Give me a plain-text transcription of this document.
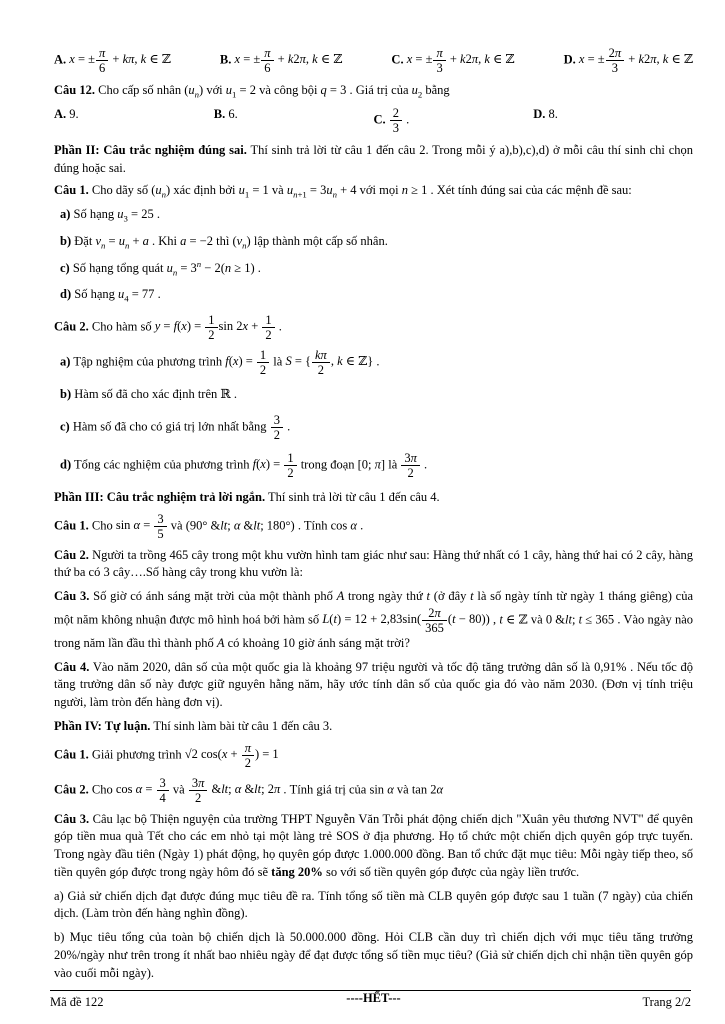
A. x = ± $\frac{\pi}{6} + k\pi$, k ∈ ℤ	B. x = ± $\frac{\pi}{6} + k2\pi$, k ∈ ℤ	C. x = ± $\frac{\pi}{3} + k2\pi$, k ∈ ℤ	D. x = ± $\frac{2\pi}{3} + k2\pi$, k ∈ ℤ

Câu 12. Cho cấp số nhân $(u_n)$ với $u_1 = 2$ và công bội q = 3 . Giá trị của $u_2$ bằng

A. 9.	B. 6.	C. $\frac{2}{3}$ .	D. 8.

Phần II: Câu trắc nghiệm đúng sai. Thí sinh trả lời từ câu 1 đến câu 2. Trong mỗi ý a),b),c),d) ở mỗi câu thí sinh chỉ chọn đúng hoặc sai.

Câu 1. Cho dãy số $(u_n)$ xác định bởi $u_1 = 1$ và $u_{n+1} = 3u_n + 4$ với mọi n ≥ 1 . Xét tính đúng sai của các mệnh đề sau:

a) Số hạng $u_3 = 25$ .

b) Đặt $v_n = u_n + a$ . Khi a = −2 thì $(v_n)$ lập thành một cấp số nhân.

c) Số hạng tổng quát $u_n = 3^n - 2(n \ge 1)$ .

d) Số hạng $u_4 = 77$ .

Câu 2. Cho hàm số $y = f(x) = \frac{1}{2}$ $\sin 2x + \frac{1}{2}$ .

a) Tập nghiệm của phương trình $f(x) = \frac{1}{2}$ là S = { $\frac{k\pi}{2}$ , k ∈ ℤ} .

b) Hàm số đã cho xác định trên ℝ .

c) Hàm số đã cho có giá trị lớn nhất bằng $\frac{3}{2}$ .

d) Tổng các nghiệm của phương trình $f(x) = \frac{1}{2}$ trong đoạn [0; π] là $\frac{3\pi}{2}$ .

Phần III: Câu trắc nghiệm trả lời ngắn. Thí sinh trả lời từ câu 1 đến câu 4.

Câu 1. Cho $\sin \alpha = \frac{3}{5}$ và (90° &lt; α &lt; 180°) . Tính cos α .

Câu 2. Người ta trồng 465 cây trong một khu vườn hình tam giác như sau: Hàng thứ nhất có 1 cây, hàng thứ hai có 2 cây, hàng thứ ba có 3 cây….Số hàng cây trong khu vườn là:

Câu 3. Số giờ có ánh sáng mặt trời của một thành phố A trong ngày thứ t (ở đây t là số ngày tính từ ngày 1 tháng giêng) của một năm không nhuận được mô hình hoá bởi hàm số $L(t) = 12 + 2,83\sin( \frac{2\pi}{365} (t - 80))$ , t ∈ ℤ và 0 &lt; t ≤ 365 . Vào ngày nào trong năm lần đầu thì thành phố A có khoảng 10 giờ ánh sáng mặt trời?

Câu 4. Vào năm 2020, dân số của một quốc gia là khoảng 97 triệu người và tốc độ tăng trưởng dân số là 0,91% . Nếu tốc độ tăng trưởng dân số này được giữ nguyên hằng năm, hãy ước tính dân số của quốc gia đó vào năm 2030. (Đơn vị tính triệu người, làm tròn đến hàng đơn vị).

Phần IV: Tự luận. Thí sinh làm bài từ câu 1 đến câu 3.

Câu 1. Giải phương trình √2 $\cos(x + \frac{\pi}{2}$ ) = 1

Câu 2. Cho $\cos \alpha = \frac{3}{4}$ và $\frac{3\pi}{2}$ &lt; α &lt; 2π . Tính giá trị của sin α và tan 2α

Câu 3. Câu lạc bộ Thiện nguyện của trường THPT Nguyễn Văn Trỗi phát động chiến dịch "Xuân yêu thương NVT" để quyên góp tiền mua quà Tết cho các em nhỏ tại một làng trẻ SOS ở địa phương. Họ tổ chức một chiến dịch quyên góp trực tuyến. Trong ngày đầu tiên (Ngày 1) phát động, họ quyên góp được 1.000.000 đồng. Ban tổ chức đặt mục tiêu: Mỗi ngày tiếp theo, số tiền quyên góp được trong ngày hôm đó sẽ tăng 20% so với số tiền quyên góp được của ngày liền trước.

a) Giả sử chiến dịch đạt được đúng mục tiêu đề ra. Tính tổng số tiền mà CLB quyên góp được sau 1 tuần (7 ngày) của chiến dịch. (Làm tròn đến hàng nghìn đồng).

b) Mục tiêu tổng của toàn bộ chiến dịch là 50.000.000 đồng. Hỏi CLB cần duy trì chiến dịch với mục tiêu tăng trưởng 20%/ngày như trên trong ít nhất bao nhiêu ngày để đạt được tổng số tiền mục tiêu? (Giả sử chiến dịch chỉ nhận tiền quyên góp vào cuối mỗi ngày).

----HẾT---

Mã đề 122	Trang 2/2
